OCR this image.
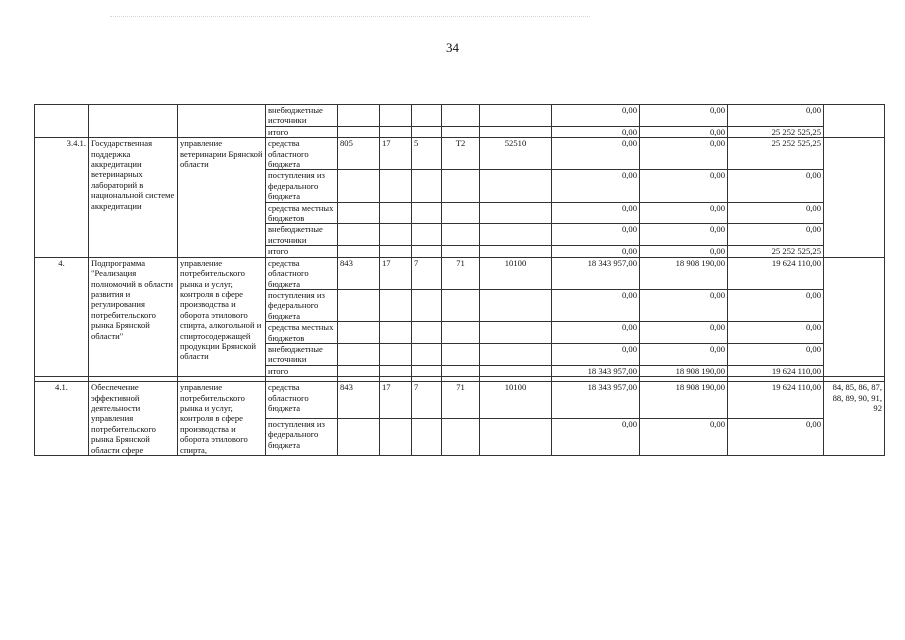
34
			внебюджетные источники						0,00	0,00	0,00	
			итого						0,00	0,00	25 252 525,25	
3.4.1.	Государственная поддержка аккредитации ветеринарных лабораторий в национальной системе аккредитации	управление ветеринарии Брянской области	средства областного бюджета	805	17	5	Т2	52510	0,00	0,00	25 252 525,25	
			поступления из федерального бюджета						0,00	0,00	0,00	
			средства местных бюджетов						0,00	0,00	0,00	
			внебюджетные источники						0,00	0,00	0,00	
			итого						0,00	0,00	25 252 525,25	
4.	Подпрограмма "Реализация полномочий в области развития и регулирования потребительского рынка Брянской области"	управление потребительского рынка и услуг, контроля в сфере производства и оборота этилового спирта, алкогольной и спиртосодержащей продукции Брянской области	средства областного бюджета	843	17	7	71	10100	18 343 957,00	18 908 190,00	19 624 110,00	
			поступления из федерального бюджета						0,00	0,00	0,00	
			средства местных бюджетов						0,00	0,00	0,00	
			внебюджетные источники						0,00	0,00	0,00	
			итого						18 343 957,00	18 908 190,00	19 624 110,00	

4.1.	Обеспечение эффективной деятельности управления потребительского рынка Брянской области сфере	управление потребительского рынка и услуг, контроля в сфере производства и оборота этилового спирта,	средства областного бюджета	843	17	7	71	10100	18 343 957,00	18 908 190,00	19 624 110,00	84, 85, 86, 87, 88, 89, 90, 91, 92
			поступления из федерального бюджета						0,00	0,00	0,00	
